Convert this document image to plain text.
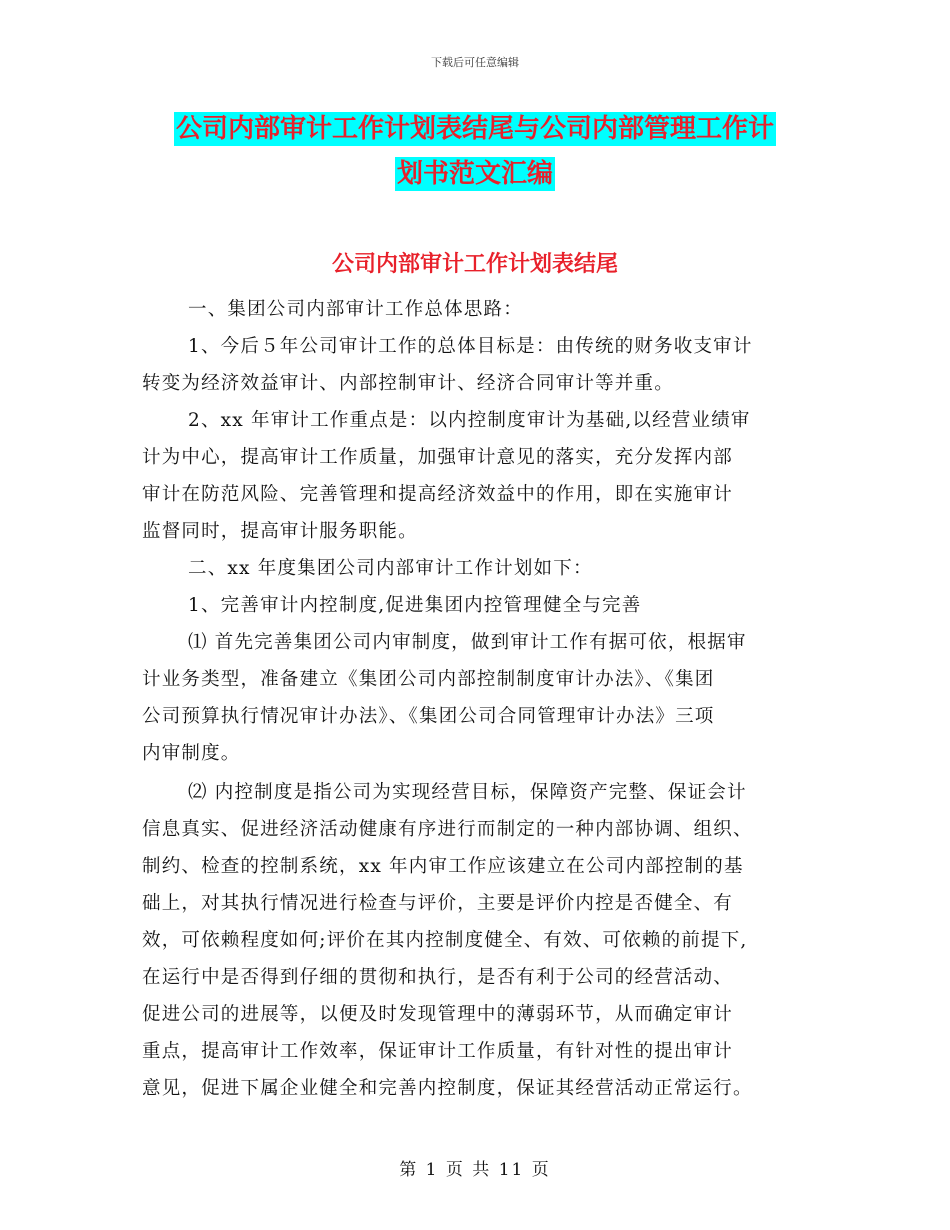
下载后可任意编辑
公司内部审计工作计划表结尾与公司内部管理工作计
划书范文汇编
公司内部审计工作计划表结尾
一、集团公司内部审计工作总体思路：
1、今后５年公司审计工作的总体目标是：由传统的财务收支审计
转变为经济效益审计、内部控制审计、经济合同审计等并重。
2、xx 年审计工作重点是：以内控制度审计为基础,以经营业绩审
计为中心，提高审计工作质量，加强审计意见的落实，充分发挥内部
审计在防范风险、完善管理和提高经济效益中的作用，即在实施审计
监督同时，提高审计服务职能。
二、xx 年度集团公司内部审计工作计划如下：
1、完善审计内控制度,促进集团内控管理健全与完善
⑴ 首先完善集团公司内审制度，做到审计工作有据可依，根据审
计业务类型，准备建立《集团公司内部控制制度审计办法》、《集团
公司预算执行情况审计办法》、《集团公司合同管理审计办法》三项
内审制度。
⑵ 内控制度是指公司为实现经营目标，保障资产完整、保证会计
信息真实、促进经济活动健康有序进行而制定的一种内部协调、组织、
制约、检查的控制系统，xx 年内审工作应该建立在公司内部控制的基
础上，对其执行情况进行检查与评价，主要是评价内控是否健全、有
效，可依赖程度如何;评价在其内控制度健全、有效、可依赖的前提下,
在运行中是否得到仔细的贯彻和执行，是否有利于公司的经营活动、
促进公司的进展等，以便及时发现管理中的薄弱环节，从而确定审计
重点，提高审计工作效率，保证审计工作质量，有针对性的提出审计
意见，促进下属企业健全和完善内控制度，保证其经营活动正常运行。
第 1 页 共 11 页
